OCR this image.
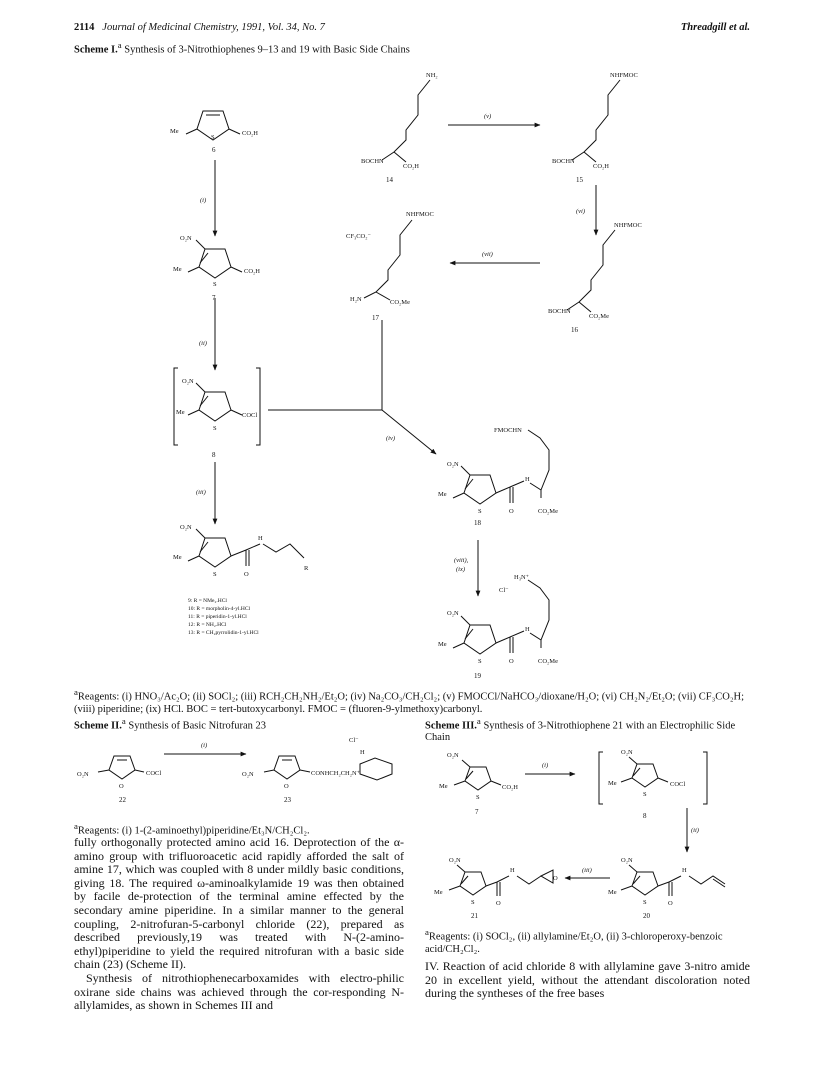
2114 Journal of Medicinal Chemistry, 1991, Vol. 34, No. 7	Threadgill et al.
Scheme I.$^a$ Synthesis of 3-Nitrothiophenes 9–13 and 19 with Basic Side Chains
Me	CO₂H
S
6
(i)
O₂N
Me	CO₂H
S
7
(ii)
O₂N
Me	COCl
S
8
(iii)
O₂N
Me
S	O
H
R
9: R = NMe₂.HCl
10: R = morpholin-4-yl.HCl
11: R = piperidin-1-yl.HCl
12: R = NH₂.HCl
13: R = CH₂pyrrolidin-1-yl.HCl
NH₂
BOCHN
CO₂H
14
(v)
NHFMOC
BOCHN
CO₂H
15
(vi)
NHFMOC
BOCHN
CO₂Me
16
(vii)
NHFMOC
CF₃CO₂⁻
H₂N	CO₂Me
17
(iv)
FMOCHN
O₂N
Me
S	O
H
CO₂Me
18
(viii),
(ix)
H₃N⁺
Cl⁻
O₂N
Me
S	O
H
CO₂Me
19
$^a$Reagents: (i) HNO₃/Ac₂O; (ii) SOCl₂; (iii) RCH₂CH₂NH₂/Et₂O; (iv) Na₂CO₃/CH₂Cl₂; (v) FMOCCl/NaHCO₃/dioxane/H₂O; (vi) CH₂N₂/Et₂O; (vii) CF₃CO₂H; (viii) piperidine; (ix) HCl. BOC = tert-butoxycarbonyl. FMOC = (fluoren-9-ylmethoxy)carbonyl.
Scheme II.$^a$ Synthesis of Basic Nitrofuran 23
O₂N
O
COCl
22
(i)
O₂N
O
CONHCH₂CH₂N⁺
H
Cl⁻
23
$^a$Reagents: (i) 1-(2-aminoethyl)piperidine/Et₃N/CH₂Cl₂.

fully orthogonally protected amino acid 16. Deprotection of the α-amino group with trifluoroacetic acid rapidly afforded the salt of amine 17, which was coupled with 8 under mildly basic conditions, giving 18. The required ω-aminoalkylamide 19 was then obtained by facile de-protection of the terminal amine effected by the secondary amine piperidine. In a similar manner to the general coupling, 2-nitrofuran-5-carbonyl chloride (22), prepared as described previously,19 was treated with N-(2-amino-ethyl)piperidine to yield the required nitrofuran with a basic side chain (23) (Scheme II).

Synthesis of nitrothiophenecarboxamides with electro-philic oxirane side chains was achieved through the cor-responding N-allylamides, as shown in Schemes III and

Scheme III.$^a$ Synthesis of 3-Nitrothiophene 21 with an Electrophilic Side Chain
O₂N
Me
S
CO₂H
7
(i)
O₂N
Me
S
COCl
8
(ii)
O₂N
Me
S	O
H
20
(iii)
O₂N
Me
S	O
H
O
21
$^a$Reagents: (i) SOCl₂, (ii) allylamine/Et₂O, (ii) 3-chloroperoxy-benzoic acid/CH₂Cl₂.

IV. Reaction of acid chloride 8 with allylamine gave 3-nitro amide 20 in excellent yield, without the attendant discoloration noted during the syntheses of the free bases
